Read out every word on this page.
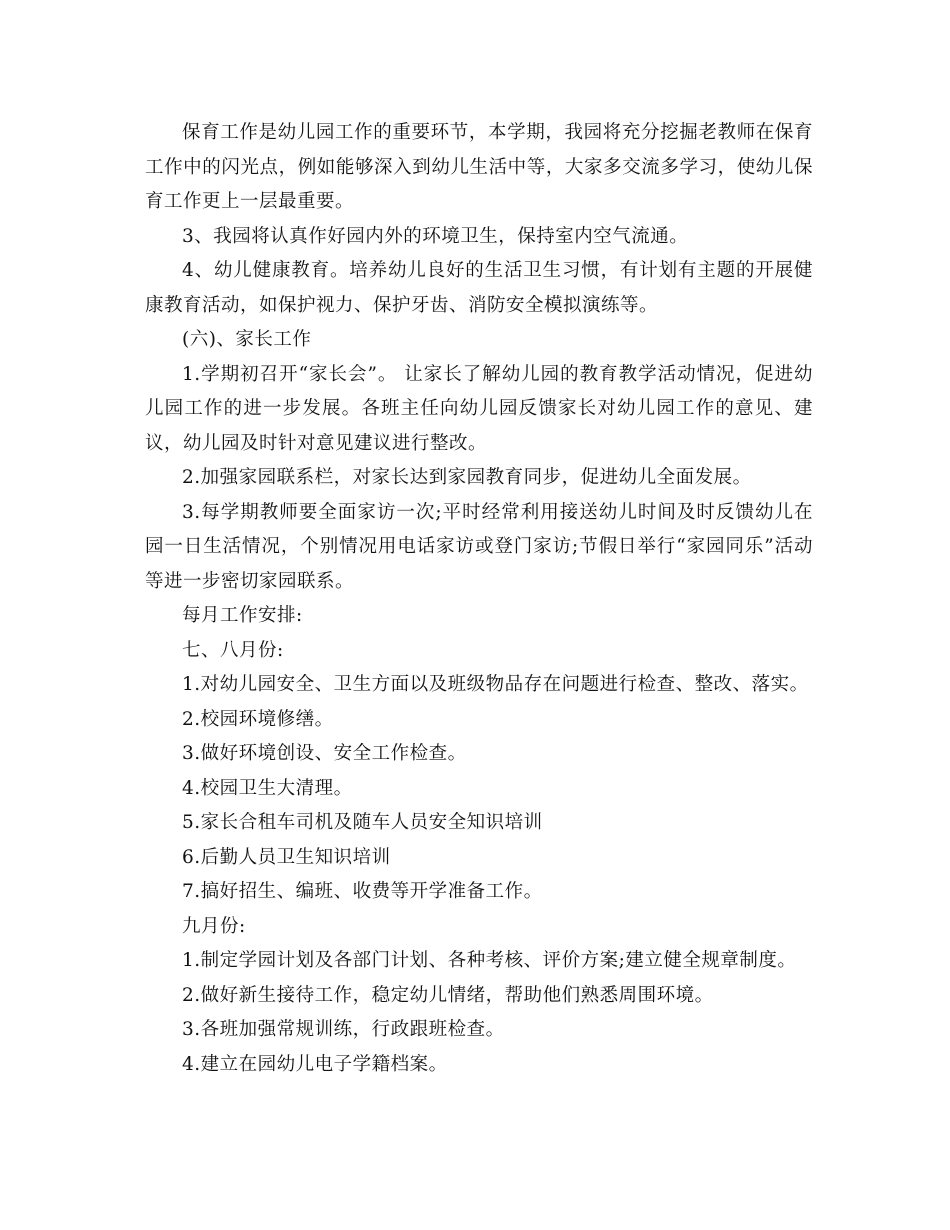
保育工作是幼儿园工作的重要环节，本学期，我园将充分挖掘老教师在保育工作中的闪光点，例如能够深入到幼儿生活中等，大家多交流多学习，使幼儿保育工作更上一层最重要。

3、我园将认真作好园内外的环境卫生，保持室内空气流通。

4、幼儿健康教育。培养幼儿良好的生活卫生习惯，有计划有主题的开展健康教育活动，如保护视力、保护牙齿、消防安全模拟演练等。

(六)、家长工作

1.学期初召开“家长会”。 让家长了解幼儿园的教育教学活动情况，促进幼儿园工作的进一步发展。各班主任向幼儿园反馈家长对幼儿园工作的意见、建议，幼儿园及时针对意见建议进行整改。

2.加强家园联系栏，对家长达到家园教育同步，促进幼儿全面发展。

3.每学期教师要全面家访一次;平时经常利用接送幼儿时间及时反馈幼儿在园一日生活情况，个别情况用电话家访或登门家访;节假日举行“家园同乐”活动等进一步密切家园联系。

每月工作安排:

七、八月份:

1.对幼儿园安全、卫生方面以及班级物品存在问题进行检查、整改、落实。

2.校园环境修缮。

3.做好环境创设、安全工作检查。

4.校园卫生大清理。

5.家长合租车司机及随车人员安全知识培训

6.后勤人员卫生知识培训

7.搞好招生、编班、收费等开学准备工作。

九月份:

1.制定学园计划及各部门计划、各种考核、评价方案;建立健全规章制度。

2.做好新生接待工作，稳定幼儿情绪，帮助他们熟悉周围环境。

3.各班加强常规训练，行政跟班检查。

4.建立在园幼儿电子学籍档案。
